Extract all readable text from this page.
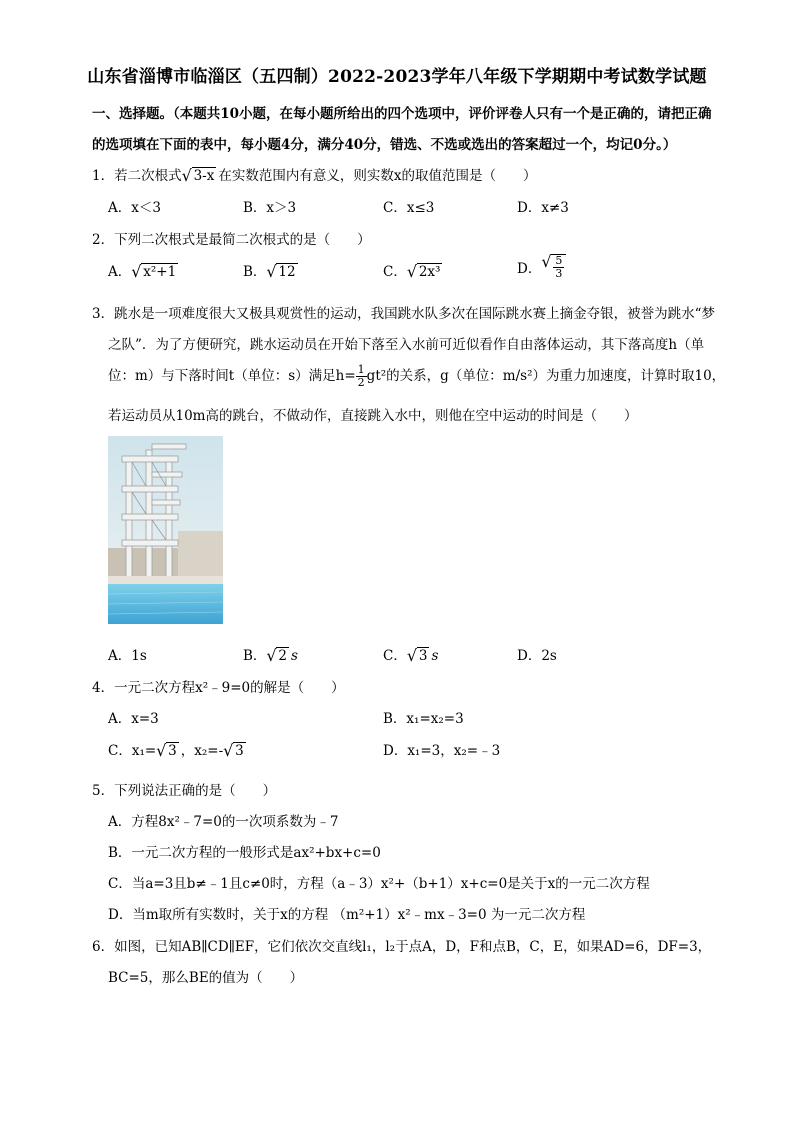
山东省淄博市临淄区（五四制）2022-2023学年八年级下学期期中考试数学试题
一、选择题。（本题共10小题，在每小题所给出的四个选项中，评价评卷人只有一个是正确的，请把正确
的选项填在下面的表中，每小题4分，满分40分，错选、不选或选出的答案超过一个，均记0分。）
1．若二次根式 √ 3-x 在实数范围内有意义，则实数x的取值范围是（　　）
A．x＜3	B．x＞3	C．x≤3	D．x≠3
2．下列二次根式是最简二次根式的是（　　）
A． √ x²+1	B． √ 12	C． √ 2x³	D． √ $\frac{5}{3}$
3．跳水是一项难度很大又极具观赏性的运动，我国跳水队多次在国际跳水赛上摘金夺银，被誉为跳水“梦
之队”．为了方便研究，跳水运动员在开始下落至入水前可近似看作自由落体运动，其下落高度h（单
位：m）与下落时间t（单位：s）满足$h= \frac{1}{2} gt^2$的关系，g（单位：m/s²）为重力加速度，计算时取10，
若运动员从10m高的跳台，不做动作，直接跳入水中，则他在空中运动的时间是（　　）
A．1s	B． √ 2 s	C． √ 3 s	D．2s
4．一元二次方程x²﹣9=0的解是（　　）
A．x=3	B．x₁=x₂=3
C．x₁= √ 3 ，x₂=- √ 3	D．x₁=3，x₂=﹣3
5．下列说法正确的是（　　）
A．方程8x²﹣7=0的一次项系数为﹣7
B．一元二次方程的一般形式是ax²+bx+c=0
C．当a=3且b≠﹣1且c≠0时，方程（a﹣3）x²+（b+1）x+c=0是关于x的一元二次方程
D．当m取所有实数时，关于x的方程 （m²+1）x²﹣mx﹣3=0 为一元二次方程
6．如图，已知AB∥CD∥EF，它们依次交直线l₁，l₂于点A，D，F和点B，C，E，如果AD=6，DF=3，
BC=5，那么BE的值为（　　）
